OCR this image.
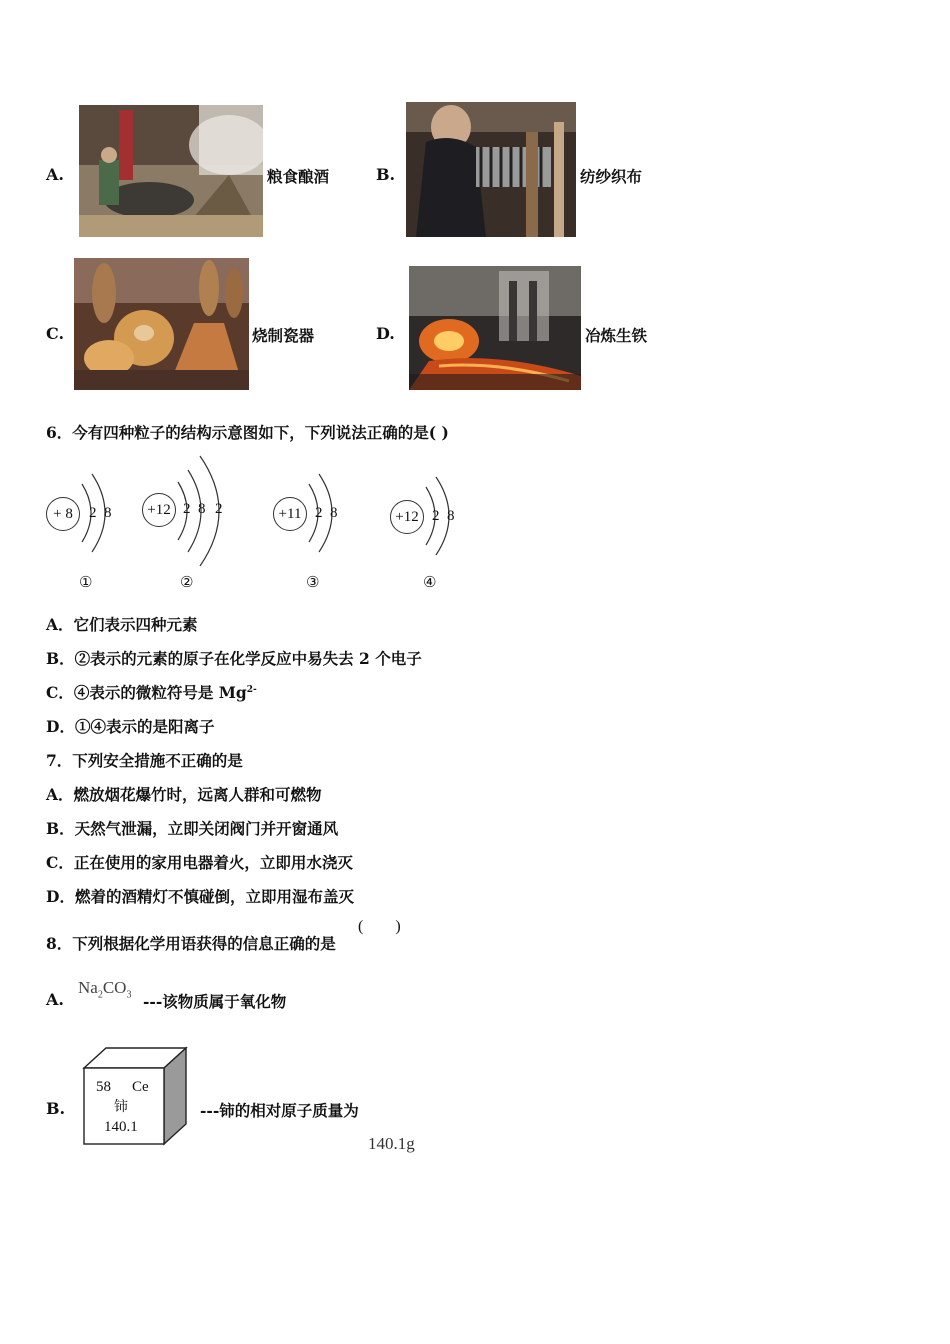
A.	粮食酿酒	B.	纺纱织布
C.	烧制瓷器	D.	冶炼生铁
6．今有四种粒子的结构示意图如下，下列说法正确的是( )
+ 8	2 8
①
+12 2 8 2
②
+11 2 8
③
+12 2 8
④
A．它们表示四种元素
B．②表示的元素的原子在化学反应中易失去 2 个电子
C．④表示的微粒符号是 $Mg^{2-}$
D．①④表示的是阳离子
7．下列安全措施不正确的是
A．燃放烟花爆竹时，远离人群和可燃物
B．天然气泄漏，立即关闭阀门并开窗通风
C．正在使用的家用电器着火，立即用水浇灭
D．燃着的酒精灯不慎碰倒，立即用湿布盖灭
8．下列根据化学用语获得的信息正确的是
(        )
A.
$Na_2CO_3$ ---该物质属于氧化物
B.
58 Ce
铈
140.1
---铈的相对原子质量为
140.1g
